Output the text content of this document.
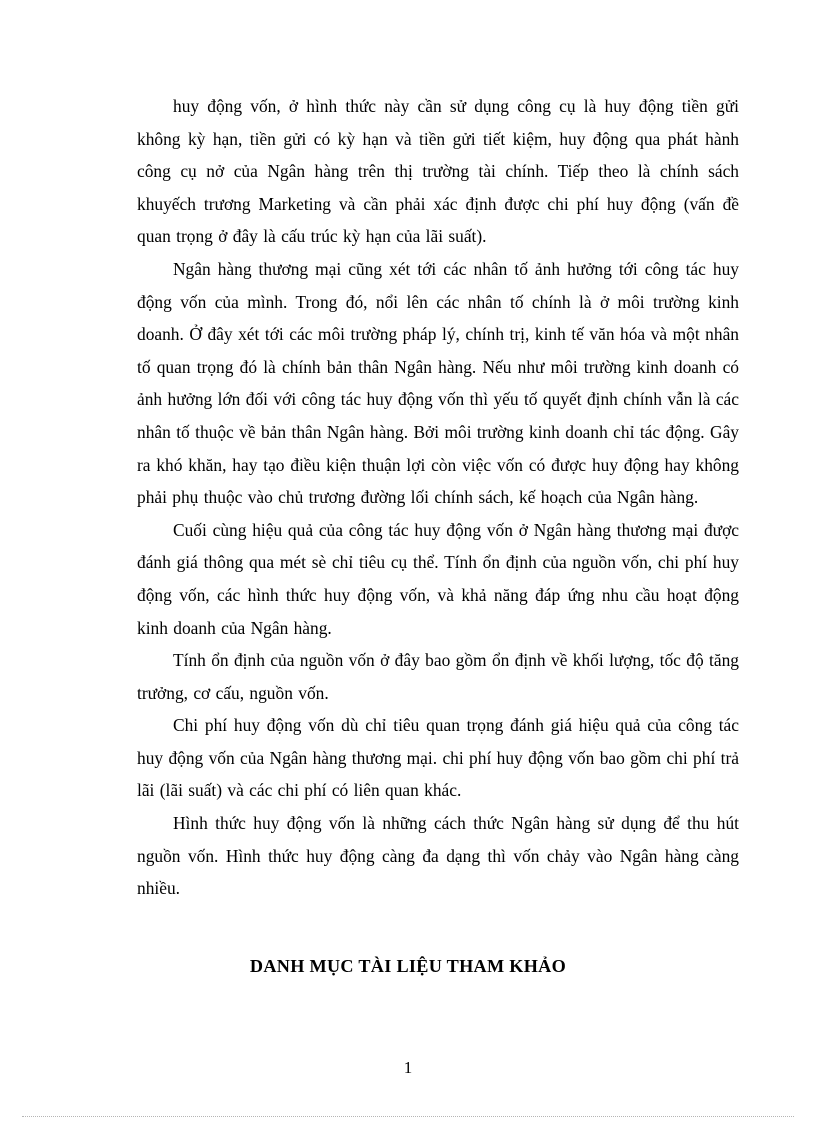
huy động vốn, ở hình thức này cần sử dụng công cụ là huy động tiền gửi không kỳ hạn, tiền gửi có kỳ hạn và tiền gửi tiết kiệm, huy động qua phát hành công cụ nở của Ngân hàng trên thị trường tài chính. Tiếp theo là chính sách khuyếch trương Marketing và cần phải xác định được chi phí huy động (vấn đề quan trọng ở đây là cấu trúc kỳ hạn của lãi suất).

Ngân hàng thương mại cũng xét tới các nhân tố ảnh hưởng tới công tác huy động vốn của mình. Trong đó, nổi lên các nhân tố chính là ở môi trường kinh doanh. Ở đây xét tới các môi trường pháp lý, chính trị, kinh tế văn hóa và một nhân tố quan trọng đó là chính bản thân Ngân hàng. Nếu như môi trường kinh doanh có ảnh hưởng lớn đối với công tác huy động vốn thì yếu tố quyết định chính vẫn là các nhân tố thuộc về bản thân Ngân hàng. Bởi môi trường kinh doanh chỉ tác động. Gây ra khó khăn, hay tạo điều kiện thuận lợi còn việc vốn có được huy động hay không phải phụ thuộc vào chủ trương đường lối chính sách, kế hoạch của Ngân hàng.

Cuối cùng hiệu quả của công tác huy động vốn ở Ngân hàng thương mại được đánh giá thông qua mét sè chỉ tiêu cụ thể. Tính ổn định của nguồn vốn, chi phí huy động vốn, các hình thức huy động vốn, và khả năng đáp ứng nhu cầu hoạt động kinh doanh của Ngân hàng.

Tính ổn định của nguồn vốn ở đây bao gồm ổn định về khối lượng, tốc độ tăng trưởng, cơ cấu, nguồn vốn.

Chi phí huy động vốn dù chỉ tiêu quan trọng đánh giá hiệu quả của công tác huy động vốn của Ngân hàng thương mại. chi phí huy động vốn bao gồm chi phí trả lãi (lãi suất) và các chi phí có liên quan khác.

Hình thức huy động vốn là những cách thức Ngân hàng sử dụng để thu hút nguồn vốn. Hình thức huy động càng đa dạng thì vốn chảy vào Ngân hàng càng nhiều.

DANH MỤC TÀI LIỆU THAM KHẢO
1
